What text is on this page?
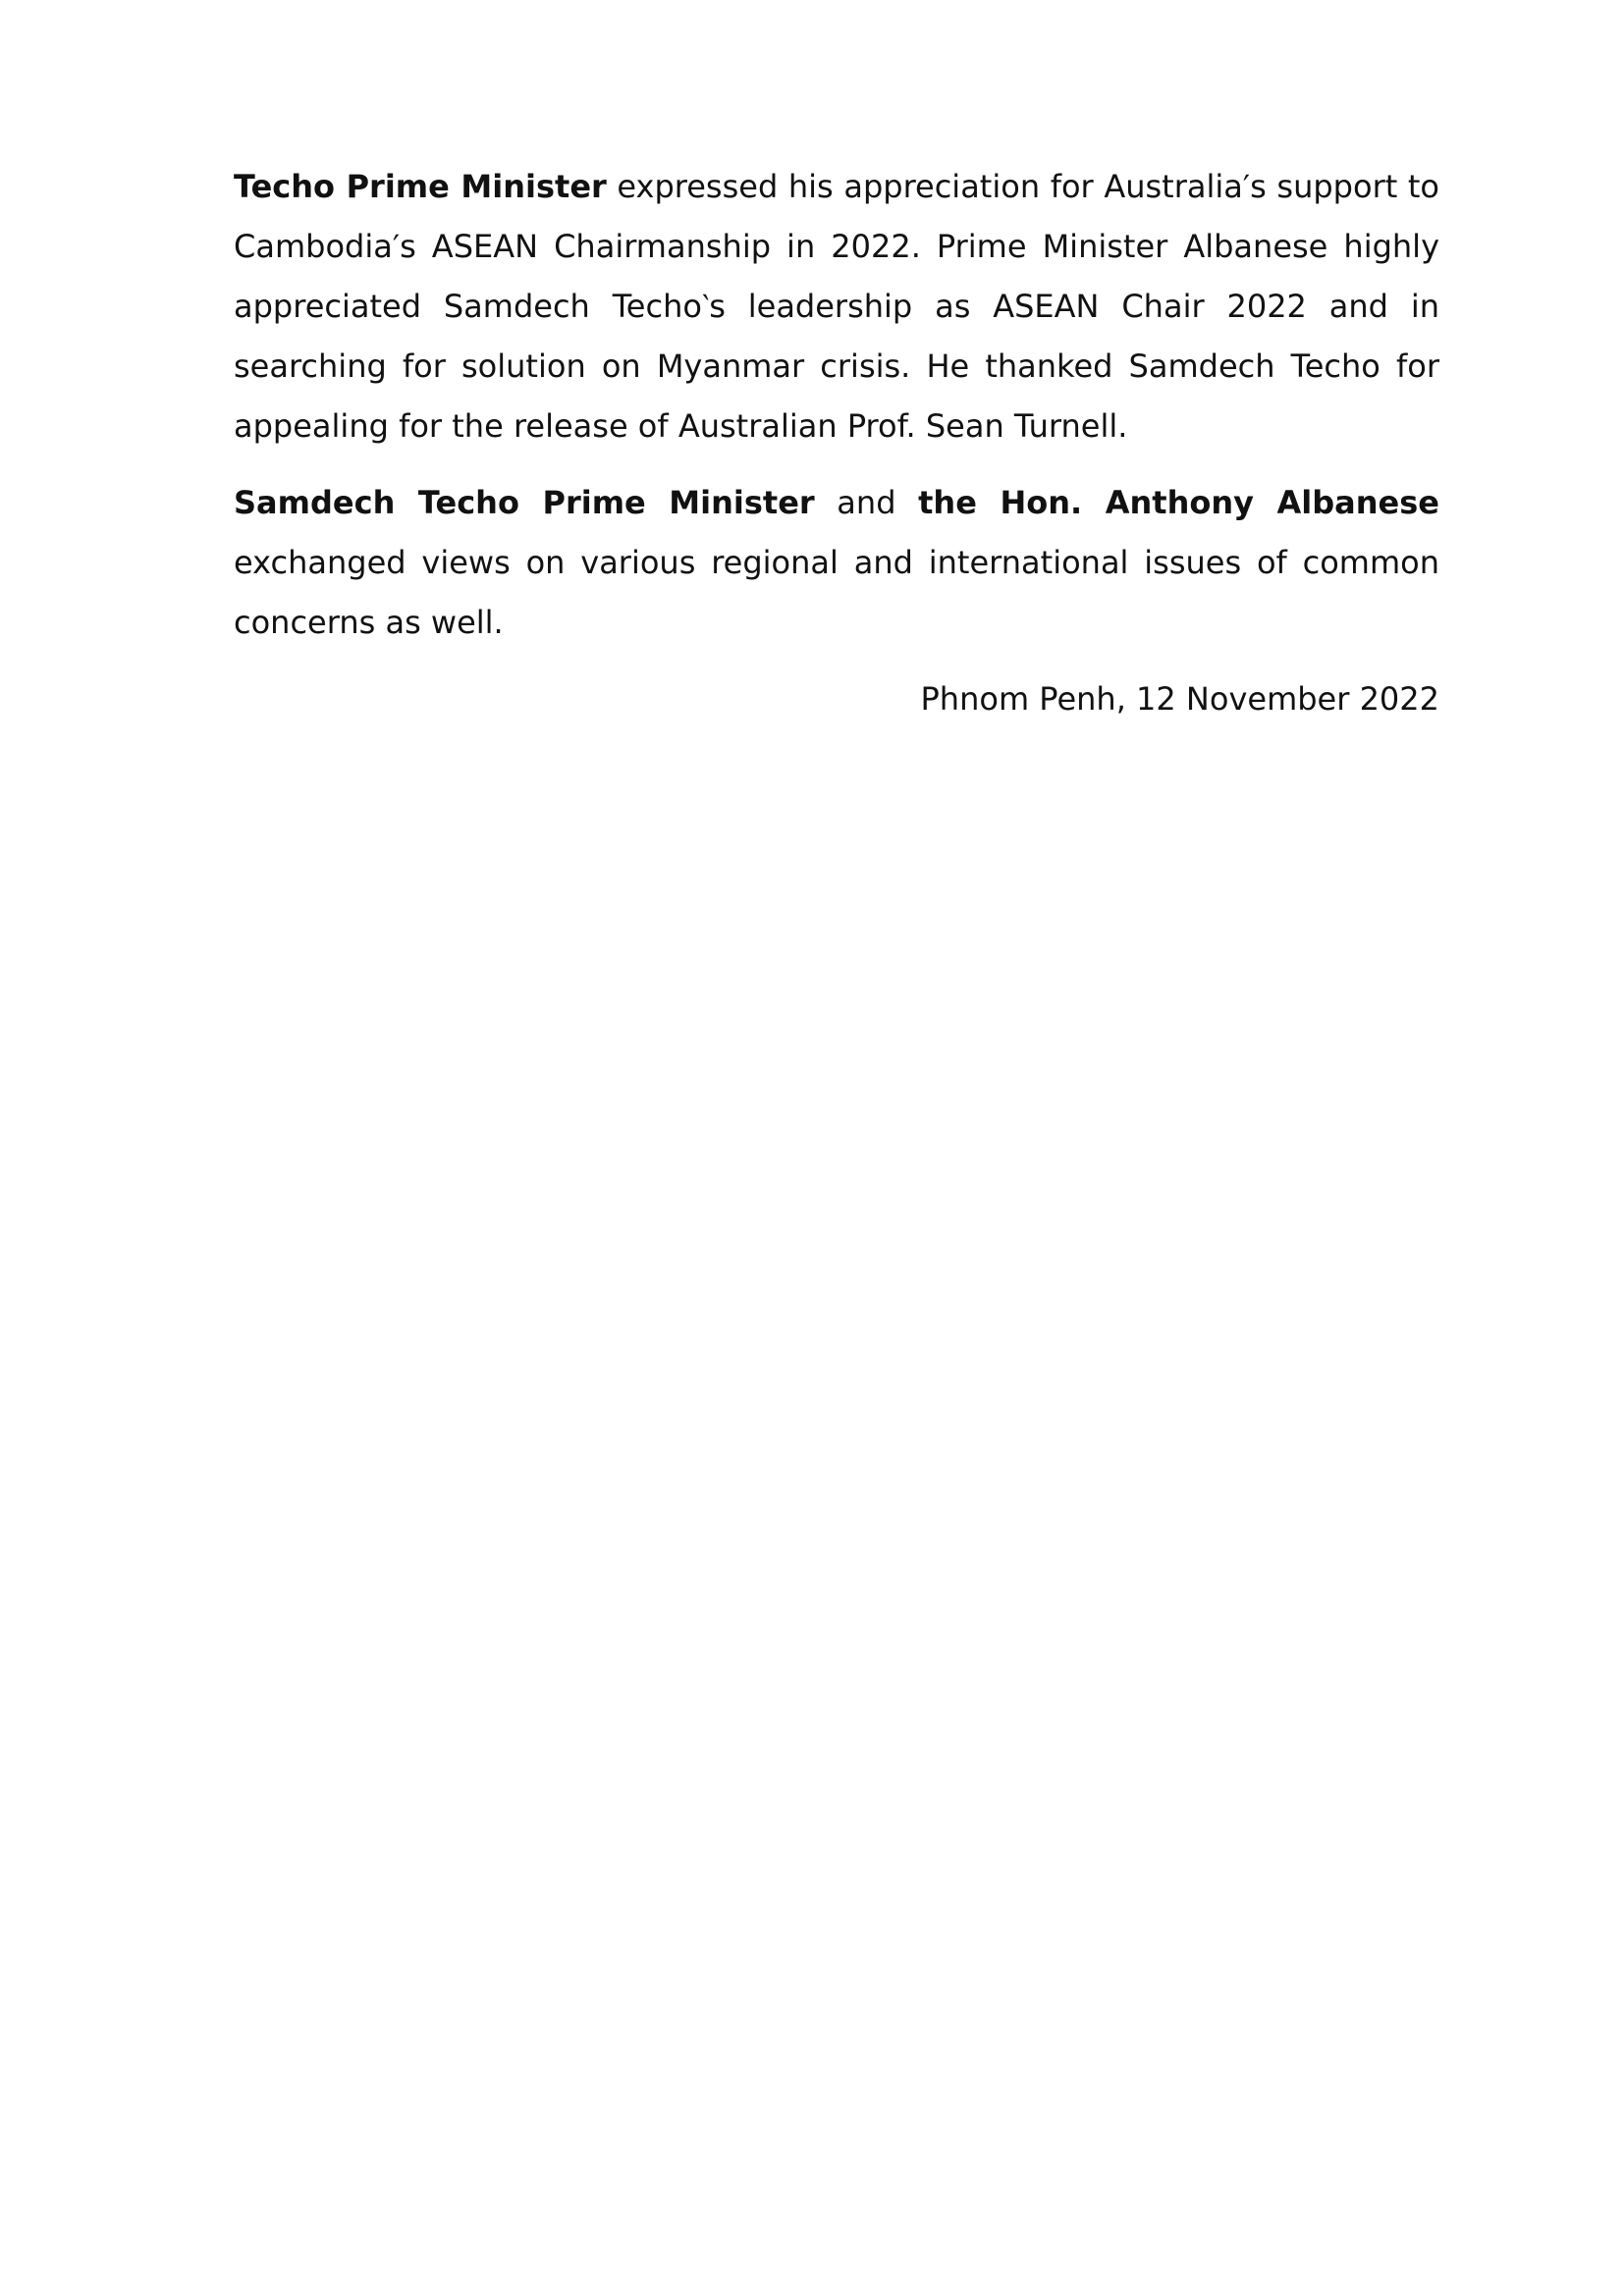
Techo Prime Minister expressed his appreciation for Australia′s support to Cambodia′s ASEAN Chairmanship in 2022. Prime Minister Albanese highly appreciated Samdech Techo‵s leadership as ASEAN Chair 2022 and in searching for solution on Myanmar crisis. He thanked Samdech Techo for appealing for the release of Australian Prof. Sean Turnell.

Samdech Techo Prime Minister and the Hon. Anthony Albanese exchanged views on various regional and international issues of common concerns as well.

Phnom Penh, 12 November 2022
